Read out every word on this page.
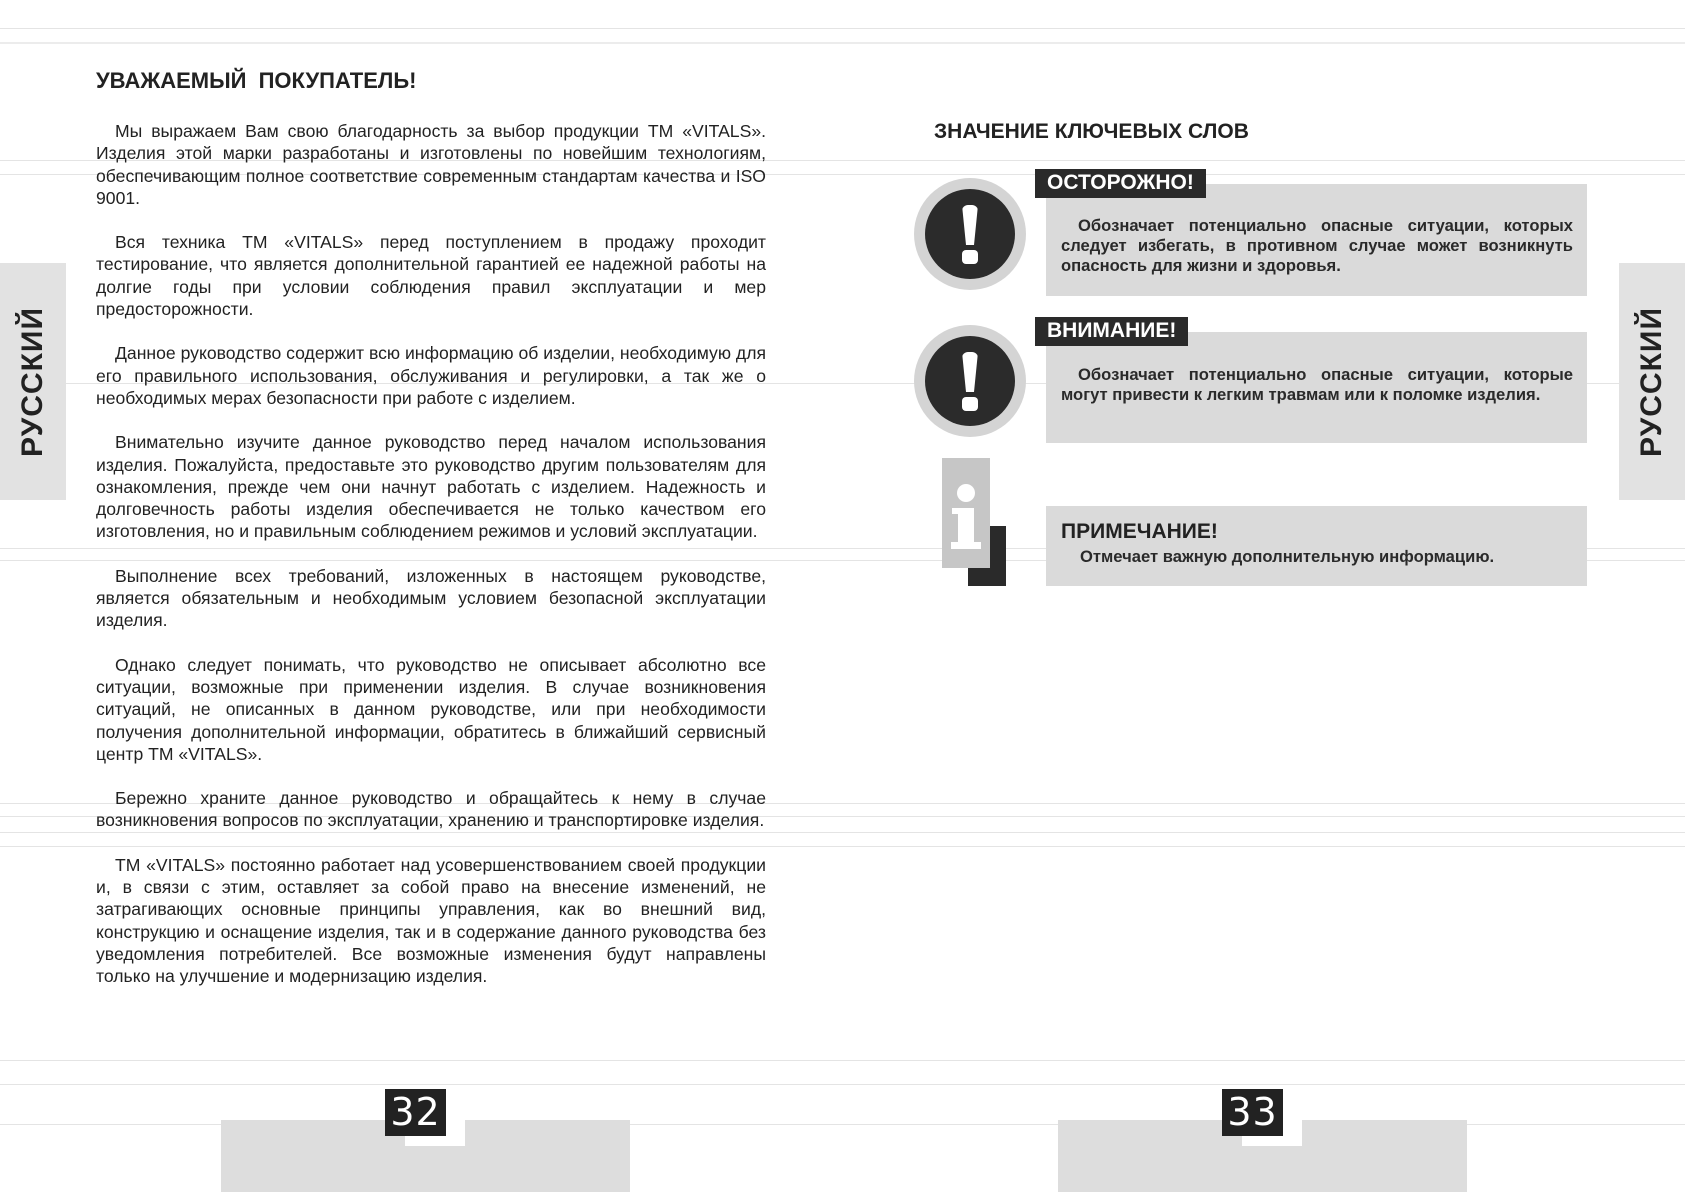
РУССКИЙ	РУССКИЙ
УВАЖАЕМЫЙ ПОКУПАТЕЛЬ!

Мы выражаем Вам свою благодарность за выбор продукции ТМ «VITALS». Изделия этой марки разработаны и изготовлены по новейшим технологиям, обеспечивающим полное соответствие современным стандартам качества и ISO 9001.

Вся техника ТМ «VITALS» перед поступлением в продажу проходит тестирование, что является дополнительной гарантией ее надежной работы на долгие годы при условии соблюдения правил эксплуатации и мер предосторожности.

Данное руководство содержит всю информацию об изделии, необходимую для его правильного использования, обслуживания и регулировки, а так же о необходимых мерах безопасности при работе с изделием.

Внимательно изучите данное руководство перед началом использования изделия. Пожалуйста, предоставьте это руководство другим пользователям для ознакомления, прежде чем они начнут работать с изделием. Надежность и долговечность работы изделия обеспечивается не только качеством его изготовления, но и правильным соблюдением режимов и условий эксплуатации.

Выполнение всех требований, изложенных в настоящем руководстве, является обязательным и необходимым условием безопасной эксплуатации изделия.

Однако следует понимать, что руководство не описывает абсолютно все ситуации, возможные при применении изделия. В случае возникновения ситуаций, не описанных в данном руководстве, или при необходимости получения дополнительной информации, обратитесь в ближайший сервисный центр ТМ «VITALS».

Бережно храните данное руководство и обращайтесь к нему в случае возникновения вопросов по эксплуатации, хранению и транспортировке изделия.

ТМ «VITALS» постоянно работает над усовершенствованием своей продукции и, в связи с этим, оставляет за собой право на внесение изменений, не затрагивающих основные принципы управления, как во внешний вид, конструкцию и оснащение изделия, так и в содержание данного руководства без уведомления потребителей. Все возможные изменения будут направлены только на улучшение и модернизацию изделия.

ЗНАЧЕНИЕ КЛЮЧЕВЫХ СЛОВ
ОСТОРОЖНО!

Обозначает потенциально опасные ситуации, которых следует избегать, в противном случае может возникнуть опасность для жизни и здоровья.

ВНИМАНИЕ!

Обозначает потенциально опасные ситуации, которые могут привести к легким травмам или к поломке изделия.

ПРИМЕЧАНИЕ!

Отмечает важную дополнительную информацию.

32	33
